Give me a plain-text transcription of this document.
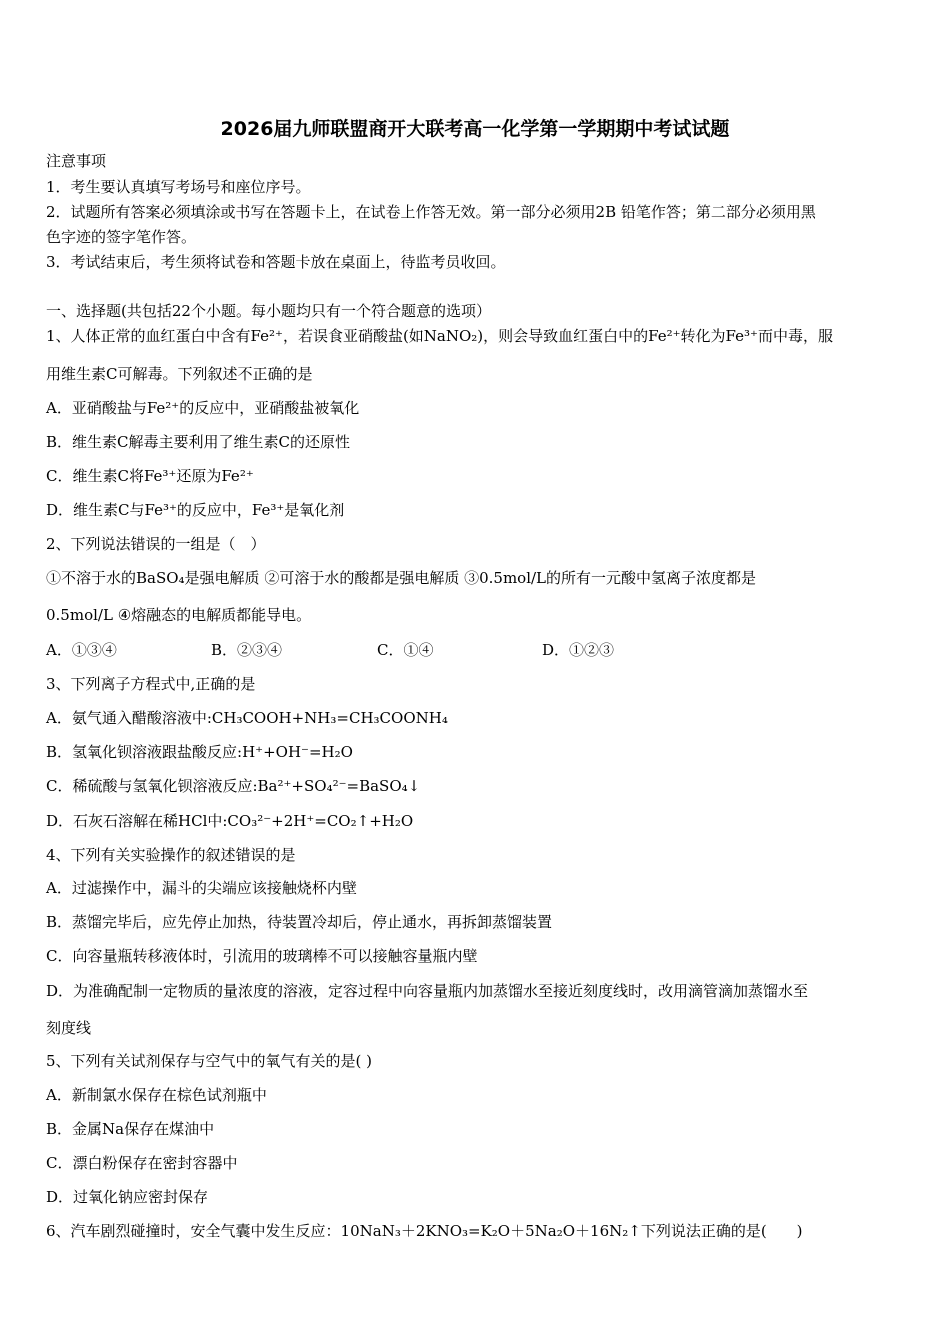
2026届九师联盟商开大联考高一化学第一学期期中考试试题
注意事项
1．考生要认真填写考场号和座位序号。
2．试题所有答案必须填涂或书写在答题卡上，在试卷上作答无效。第一部分必须用2B 铅笔作答；第二部分必须用黑
色字迹的签字笔作答。
3．考试结束后，考生须将试卷和答题卡放在桌面上，待监考员收回。
一、选择题(共包括22个小题。每小题均只有一个符合题意的选项）
1、人体正常的血红蛋白中含有Fe²⁺，若误食亚硝酸盐(如NaNO₂)，则会导致血红蛋白中的Fe²⁺转化为Fe³⁺而中毒，服
用维生素C可解毒。下列叙述不正确的是
A．亚硝酸盐与Fe²⁺的反应中，亚硝酸盐被氧化
B．维生素C解毒主要利用了维生素C的还原性
C．维生素C将Fe³⁺还原为Fe²⁺
D．维生素C与Fe³⁺的反应中，Fe³⁺是氧化剂
2、下列说法错误的一组是（　）
①不溶于水的BaSO₄是强电解质 ②可溶于水的酸都是强电解质 ③0.5mol/L的所有一元酸中氢离子浓度都是
0.5mol/L ④熔融态的电解质都能导电。
A．①③④	B．②③④	C．①④	D．①②③
3、下列离子方程式中,正确的是
A．氨气通入醋酸溶液中:CH₃COOH+NH₃=CH₃COONH₄
B．氢氧化钡溶液跟盐酸反应:H⁺+OH⁻=H₂O
C．稀硫酸与氢氧化钡溶液反应:Ba²⁺+SO₄²⁻=BaSO₄↓
D．石灰石溶解在稀HCl中:CO₃²⁻+2H⁺=CO₂↑+H₂O
4、下列有关实验操作的叙述错误的是
A．过滤操作中，漏斗的尖端应该接触烧杯内壁
B．蒸馏完毕后，应先停止加热，待装置冷却后，停止通水，再拆卸蒸馏装置
C．向容量瓶转移液体时，引流用的玻璃棒不可以接触容量瓶内壁
D．为准确配制一定物质的量浓度的溶液，定容过程中向容量瓶内加蒸馏水至接近刻度线时，改用滴管滴加蒸馏水至
刻度线
5、下列有关试剂保存与空气中的氧气有关的是( )
A．新制氯水保存在棕色试剂瓶中
B．金属Na保存在煤油中
C．漂白粉保存在密封容器中
D．过氧化钠应密封保存
6、汽车剧烈碰撞时，安全气囊中发生反应：10NaN₃＋2KNO₃=K₂O＋5Na₂O＋16N₂↑下列说法正确的是(　　)
